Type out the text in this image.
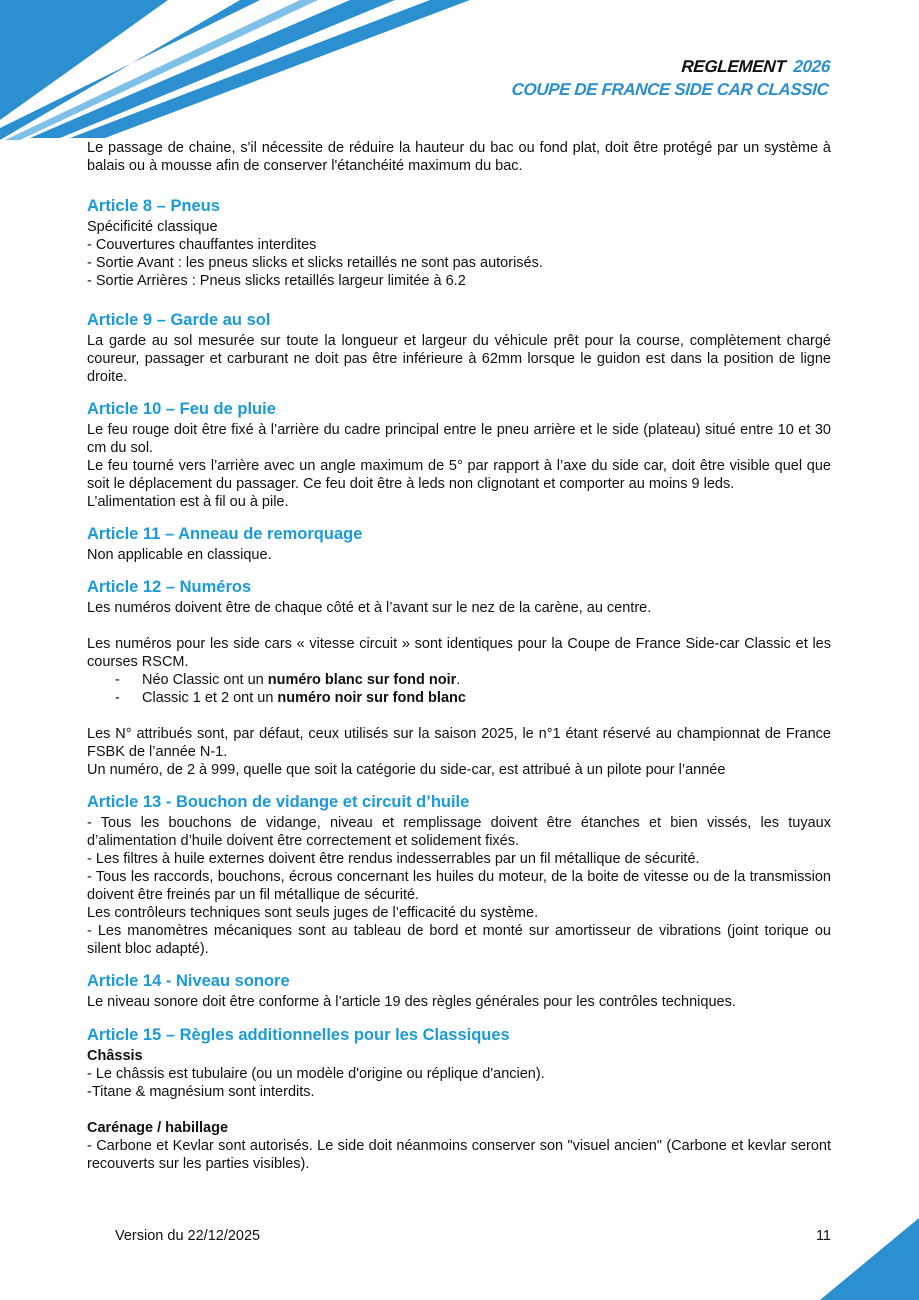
REGLEMENT 2026
COUPE DE FRANCE SIDE CAR CLASSIC

Le passage de chaine, s'il nécessite de réduire la hauteur du bac ou fond plat, doit être protégé par un système à balais ou à mousse afin de conserver l'étanchéité maximum du bac.

Article 8 – Pneus

Spécificité classique

- Couvertures chauffantes interdites

- Sortie Avant : les pneus slicks et slicks retaillés ne sont pas autorisés.

- Sortie Arrières : Pneus slicks retaillés largeur limitée à 6.2

Article 9 – Garde au sol

La garde au sol mesurée sur toute la longueur et largeur du véhicule prêt pour la course, complètement chargé coureur, passager et carburant ne doit pas être inférieure à 62mm lorsque le guidon est dans la position de ligne droite.

Article 10 – Feu de pluie

Le feu rouge doit être fixé à l’arrière du cadre principal entre le pneu arrière et le side (plateau) situé entre 10 et 30 cm du sol.

Le feu tourné vers l’arrière avec un angle maximum de 5° par rapport à l’axe du side car, doit être visible quel que soit le déplacement du passager. Ce feu doit être à leds non clignotant et comporter au moins 9 leds.

L’alimentation est à fil ou à pile.

Article 11 – Anneau de remorquage

Non applicable en classique.

Article 12 – Numéros

Les numéros doivent être de chaque côté et à l’avant sur le nez de la carène, au centre.

Les numéros pour les side cars « vitesse circuit » sont identiques pour la Coupe de France Side-car Classic et les courses RSCM.

- Néo Classic ont un numéro blanc sur fond noir.
- Classic 1 et 2 ont un numéro noir sur fond blanc

Les N° attribués sont, par défaut, ceux utilisés sur la saison 2025, le n°1 étant réservé au championnat de France FSBK de l’année N-1.

Un numéro, de 2 à 999, quelle que soit la catégorie du side-car, est attribué à un pilote pour l’année

Article 13 - Bouchon de vidange et circuit d’huile

- Tous les bouchons de vidange, niveau et remplissage doivent être étanches et bien vissés, les tuyaux d’alimentation d’huile doivent être correctement et solidement fixés.

- Les filtres à huile externes doivent être rendus indesserrables par un fil métallique de sécurité.

- Tous les raccords, bouchons, écrous concernant les huiles du moteur, de la boite de vitesse ou de la transmission doivent être freinés par un fil métallique de sécurité.

Les contrôleurs techniques sont seuls juges de l’efficacité du système.

- Les manomètres mécaniques sont au tableau de bord et monté sur amortisseur de vibrations (joint torique ou silent bloc adapté).

Article 14 - Niveau sonore

Le niveau sonore doit être conforme à l’article 19 des règles générales pour les contrôles techniques.

Article 15 – Règles additionnelles pour les Classiques

Châssis

- Le châssis est tubulaire (ou un modèle d'origine ou réplique d'ancien).

-Titane & magnésium sont interdits.

Carénage / habillage

- Carbone et Kevlar sont autorisés. Le side doit néanmoins conserver son "visuel ancien" (Carbone et kevlar seront recouverts sur les parties visibles).

Version du 22/12/2025	11
